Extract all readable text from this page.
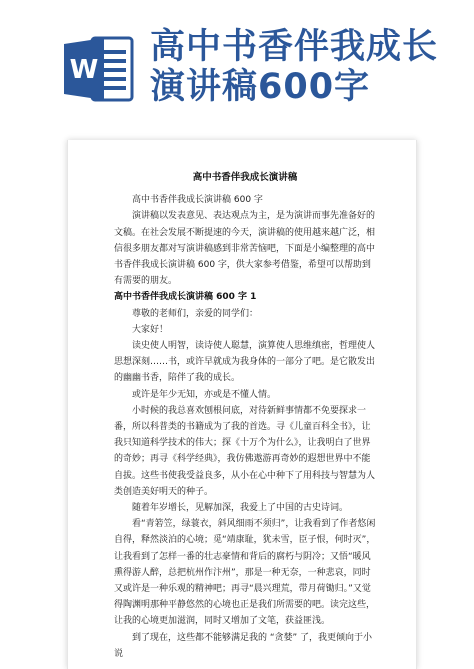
W
高中书香伴我成长
演讲稿600字
高中书香伴我成长演讲稿

高中书香伴我成长演讲稿 600 字

演讲稿以发表意见、表达观点为主，是为演讲而事先准备好的文稿。在社会发展不断提速的今天，演讲稿的使用越来越广泛，相信很多朋友都对写演讲稿感到非常苦恼吧，下面是小编整理的高中书香伴我成长演讲稿 600 字，供大家参考借鉴，希望可以帮助到有需要的朋友。

高中书香伴我成长演讲稿 600 字 1

尊敬的老师们，亲爱的同学们：

大家好！

读史使人明智，读诗使人聪慧，演算使人思维缜密，哲理使人思想深刻……书，或许早就成为我身体的一部分了吧。是它散发出的幽幽书香，陪伴了我的成长。

或许是年少无知，亦或是不懂人情。

小时候的我总喜欢刨根问底，对待新鲜事情都不免要探求一番，所以科普类的书籍成为了我的首选。寻《儿童百科全书》，让我只知道科学技术的伟大；探《十万个为什么》，让我明白了世界的奇妙；再寻《科学经典》，我仿佛遨游再奇妙的遐想世界中不能自拔。这些书使我受益良多，从小在心中种下了用科技与智慧为人类创造美好明天的种子。

随着年岁增长，见解加深，我爱上了中国的古史诗词。

看“青箬笠，绿蓑衣，斜风细雨不须归”，让我看到了作者悠闲自得，释然淡泊的心境；觅“靖康耻，犹未雪，臣子恨，何时灭”，让我看到了怎样一番的壮志豪情和背后的腐朽与阴冷；又悟“暖风熏得游人醉，总把杭州作汴州”，那是一种无奈，一种悲哀，同时又或许是一种乐观的精神吧；再寻“晨兴理荒，带月荷锄归。”又觉得陶渊明那种平静悠然的心境也正是我们所需要的吧。读完这些，让我的心境更加滋润，同时又增加了文笔，获益匪浅。

到了现在，这些都不能够满足我的 “贪婪” 了，我更倾向于小说
